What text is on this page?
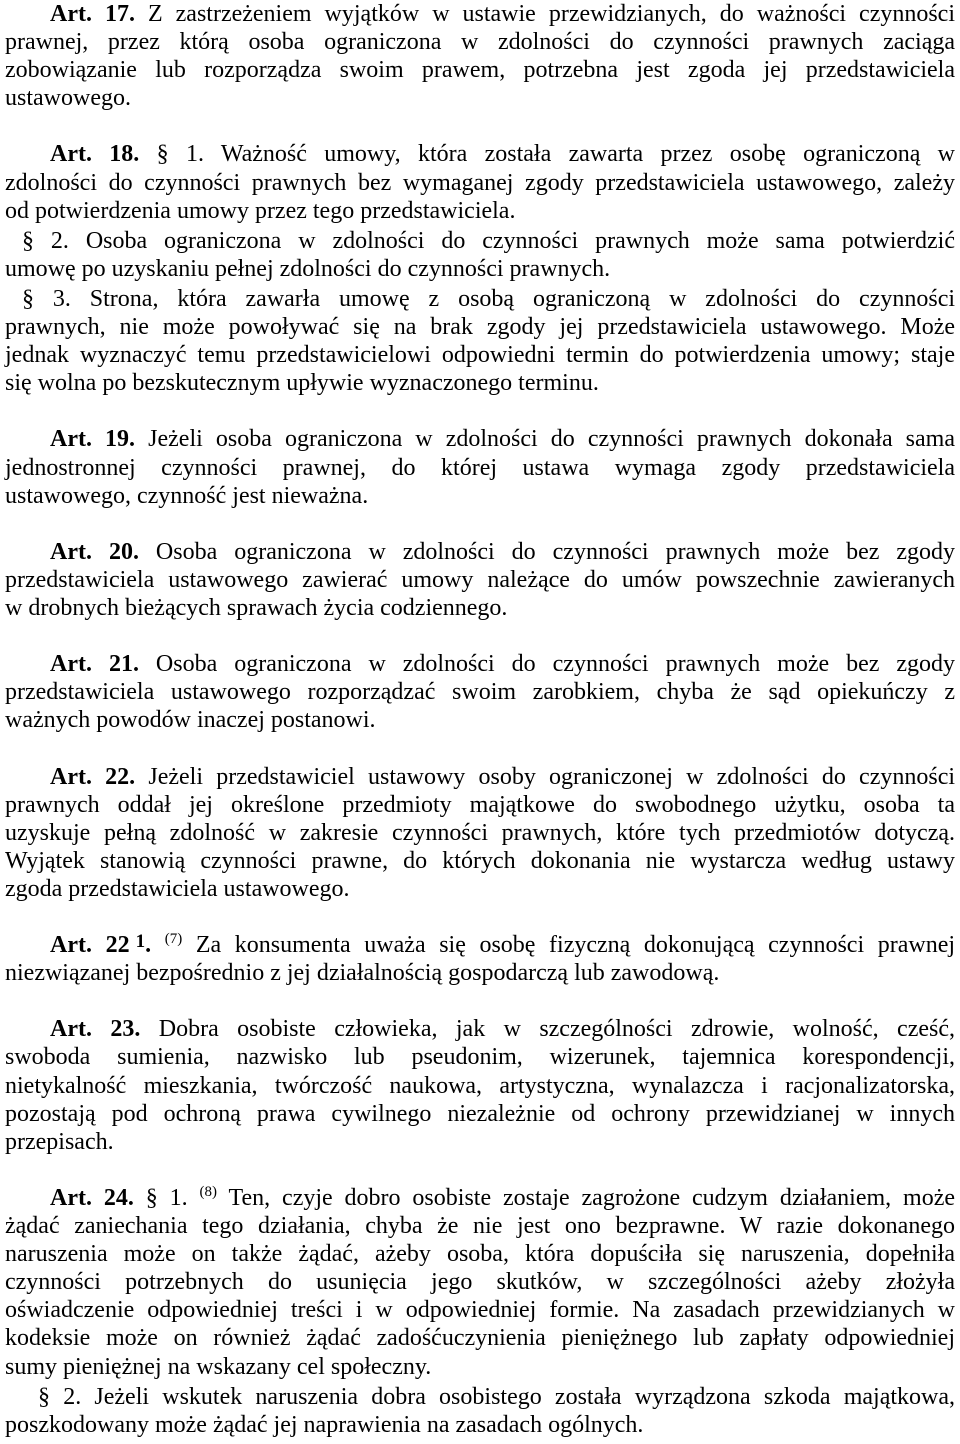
Art. 17. Z zastrzeżeniem wyjątków w ustawie przewidzianych, do ważności czynności
prawnej, przez którą osoba ograniczona w zdolności do czynności prawnych zaciąga
zobowiązanie lub rozporządza swoim prawem, potrzebna jest zgoda jej przedstawiciela
ustawowego.
Art. 18. § 1. Ważność umowy, która została zawarta przez osobę ograniczoną w
zdolności do czynności prawnych bez wymaganej zgody przedstawiciela ustawowego, zależy
od potwierdzenia umowy przez tego przedstawiciela.
§ 2. Osoba ograniczona w zdolności do czynności prawnych może sama potwierdzić
umowę po uzyskaniu pełnej zdolności do czynności prawnych.
§ 3. Strona, która zawarła umowę z osobą ograniczoną w zdolności do czynności
prawnych, nie może powoływać się na brak zgody jej przedstawiciela ustawowego. Może
jednak wyznaczyć temu przedstawicielowi odpowiedni termin do potwierdzenia umowy; staje
się wolna po bezskutecznym upływie wyznaczonego terminu.
Art. 19. Jeżeli osoba ograniczona w zdolności do czynności prawnych dokonała sama
jednostronnej czynności prawnej, do której ustawa wymaga zgody przedstawiciela
ustawowego, czynność jest nieważna.
Art. 20. Osoba ograniczona w zdolności do czynności prawnych może bez zgody
przedstawiciela ustawowego zawierać umowy należące do umów powszechnie zawieranych
w drobnych bieżących sprawach życia codziennego.
Art. 21. Osoba ograniczona w zdolności do czynności prawnych może bez zgody
przedstawiciela ustawowego rozporządzać swoim zarobkiem, chyba że sąd opiekuńczy z
ważnych powodów inaczej postanowi.
Art. 22. Jeżeli przedstawiciel ustawowy osoby ograniczonej w zdolności do czynności
prawnych oddał jej określone przedmioty majątkowe do swobodnego użytku, osoba ta
uzyskuje pełną zdolność w zakresie czynności prawnych, które tych przedmiotów dotyczą.
Wyjątek stanowią czynności prawne, do których dokonania nie wystarcza według ustawy
zgoda przedstawiciela ustawowego.
Art. 22 $^1$. $^{(7)}$ Za konsumenta uważa się osobę fizyczną dokonującą czynności prawnej
niezwiązanej bezpośrednio z jej działalnością gospodarczą lub zawodową.
Art. 23. Dobra osobiste człowieka, jak w szczególności zdrowie, wolność, cześć,
swoboda sumienia, nazwisko lub pseudonim, wizerunek, tajemnica korespondencji,
nietykalność mieszkania, twórczość naukowa, artystyczna, wynalazcza i racjonalizatorska,
pozostają pod ochroną prawa cywilnego niezależnie od ochrony przewidzianej w innych
przepisach.
Art. 24. § 1. $^{(8)}$ Ten, czyje dobro osobiste zostaje zagrożone cudzym działaniem, może
żądać zaniechania tego działania, chyba że nie jest ono bezprawne. W razie dokonanego
naruszenia może on także żądać, ażeby osoba, która dopuściła się naruszenia, dopełniła
czynności potrzebnych do usunięcia jego skutków, w szczególności ażeby złożyła
oświadczenie odpowiedniej treści i w odpowiedniej formie. Na zasadach przewidzianych w
kodeksie może on również żądać zadośćuczynienia pieniężnego lub zapłaty odpowiedniej
sumy pieniężnej na wskazany cel społeczny.
§ 2. Jeżeli wskutek naruszenia dobra osobistego została wyrządzona szkoda majątkowa,
poszkodowany może żądać jej naprawienia na zasadach ogólnych.
